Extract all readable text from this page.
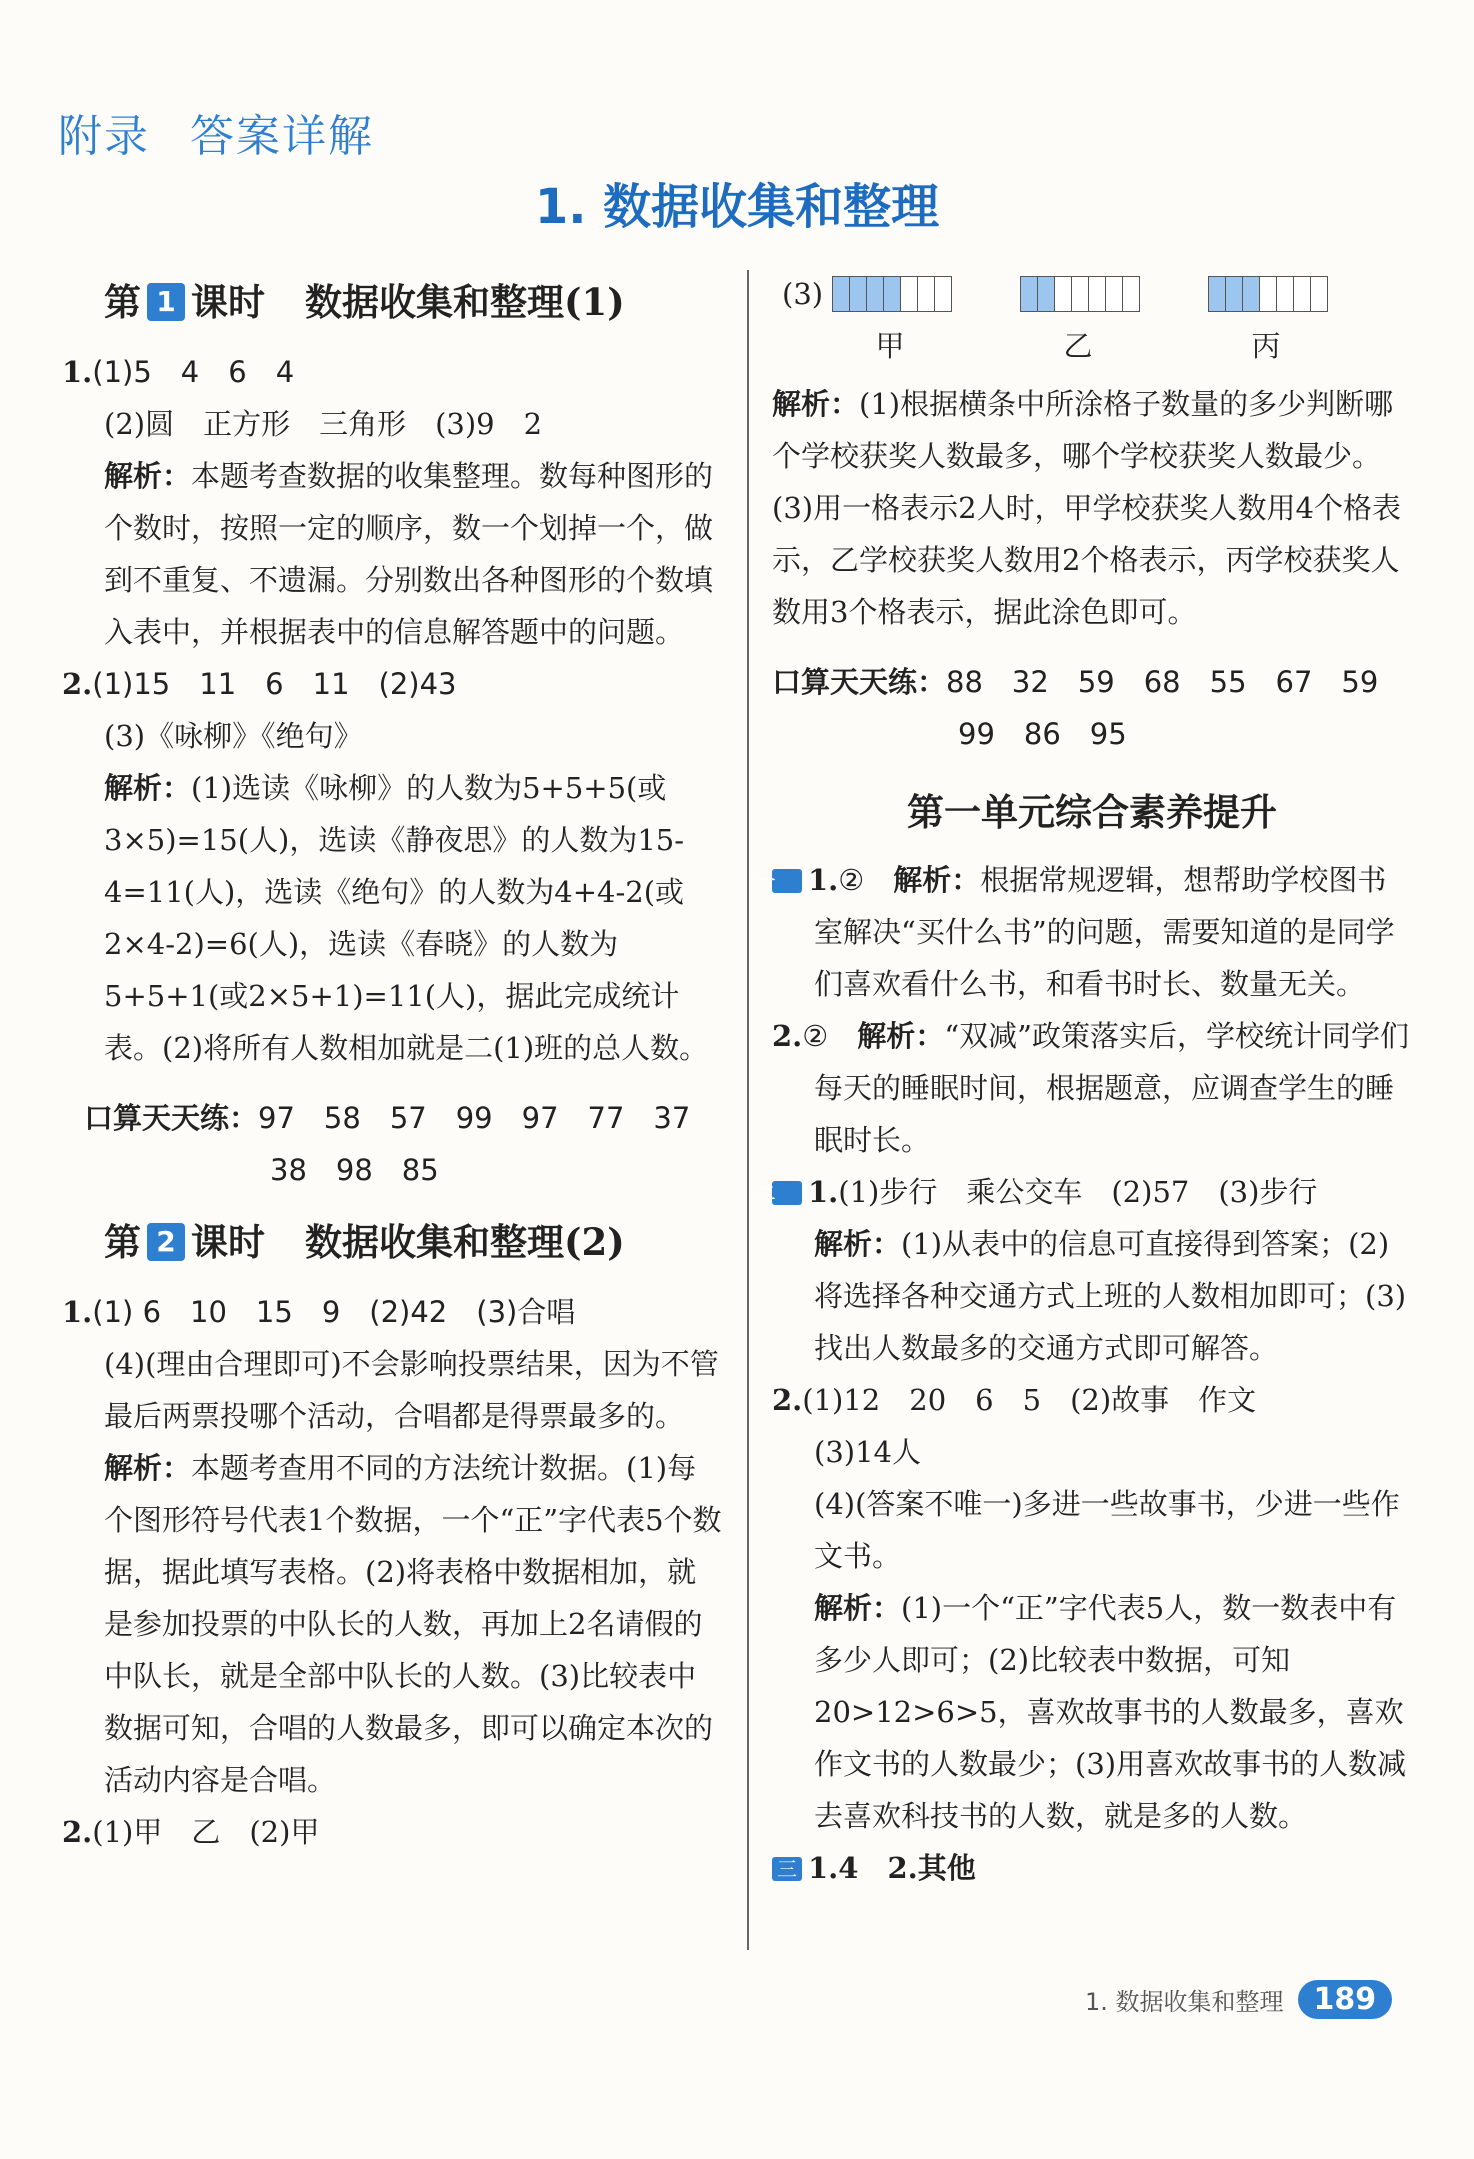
附录 答案详解
1. 数据收集和整理
第 1 课时 数据收集和整理(1)
1.(1)5　4　6　4
(2)圆　正方形　三角形　(3)9　2
解析：本题考查数据的收集整理。数每种图形的个数时，按照一定的顺序，数一个划掉一个，做到不重复、不遗漏。分别数出各种图形的个数填入表中，并根据表中的信息解答题中的问题。
2.(1)15　11　6　11　(2)43
(3)《咏柳》《绝句》
解析：(1)选读《咏柳》的人数为5+5+5(或3×5)=15(人)，选读《静夜思》的人数为15-4=11(人)，选读《绝句》的人数为4+4-2(或2×4-2)=6(人)，选读《春晓》的人数为5+5+1(或2×5+1)=11(人)，据此完成统计表。(2)将所有人数相加就是二(1)班的总人数。
口算天天练：97　58　57　99　97　77　37
38　98　85
第 2 课时 数据收集和整理(2)
1.(1) 6　10　15　9　(2)42　(3)合唱
(4)(理由合理即可)不会影响投票结果，因为不管最后两票投哪个活动，合唱都是得票最多的。
解析：本题考查用不同的方法统计数据。(1)每个图形符号代表1个数据，一个“正”字代表5个数据，据此填写表格。(2)将表格中数据相加，就是参加投票的中队长的人数，再加上2名请假的中队长，就是全部中队长的人数。(3)比较表中数据可知，合唱的人数最多，即可以确定本次的活动内容是合唱。
2.(1)甲　乙　(2)甲
(3)
甲	乙	丙
解析：(1)根据横条中所涂格子数量的多少判断哪个学校获奖人数最多，哪个学校获奖人数最少。(3)用一格表示2人时，甲学校获奖人数用4个格表示，乙学校获奖人数用2个格表示，丙学校获奖人数用3个格表示，据此涂色即可。
口算天天练：88　32　59　68　55　67　59
99　86　95
第一单元综合素养提升
一 1.②　 解析：根据常规逻辑，想帮助学校图书室解决“买什么书”的问题，需要知道的是同学们喜欢看什么书，和看书时长、数量无关。
2.②　 解析：“双减”政策落实后，学校统计同学们每天的睡眠时间，根据题意，应调查学生的睡眠时长。
二 1.(1)步行　乘公交车　(2)57　(3)步行
解析：(1)从表中的信息可直接得到答案；(2)将选择各种交通方式上班的人数相加即可；(3)找出人数最多的交通方式即可解答。
2.(1)12　20　6　5　(2)故事　作文
(3)14人
(4)(答案不唯一)多进一些故事书，少进一些作文书。
解析：(1)一个“正”字代表5人，数一数表中有多少人即可；(2)比较表中数据，可知20>12>6>5，喜欢故事书的人数最多，喜欢作文书的人数最少；(3)用喜欢故事书的人数减去喜欢科技书的人数，就是多的人数。
三 1.4　 2.其他
1. 数据收集和整理	189
